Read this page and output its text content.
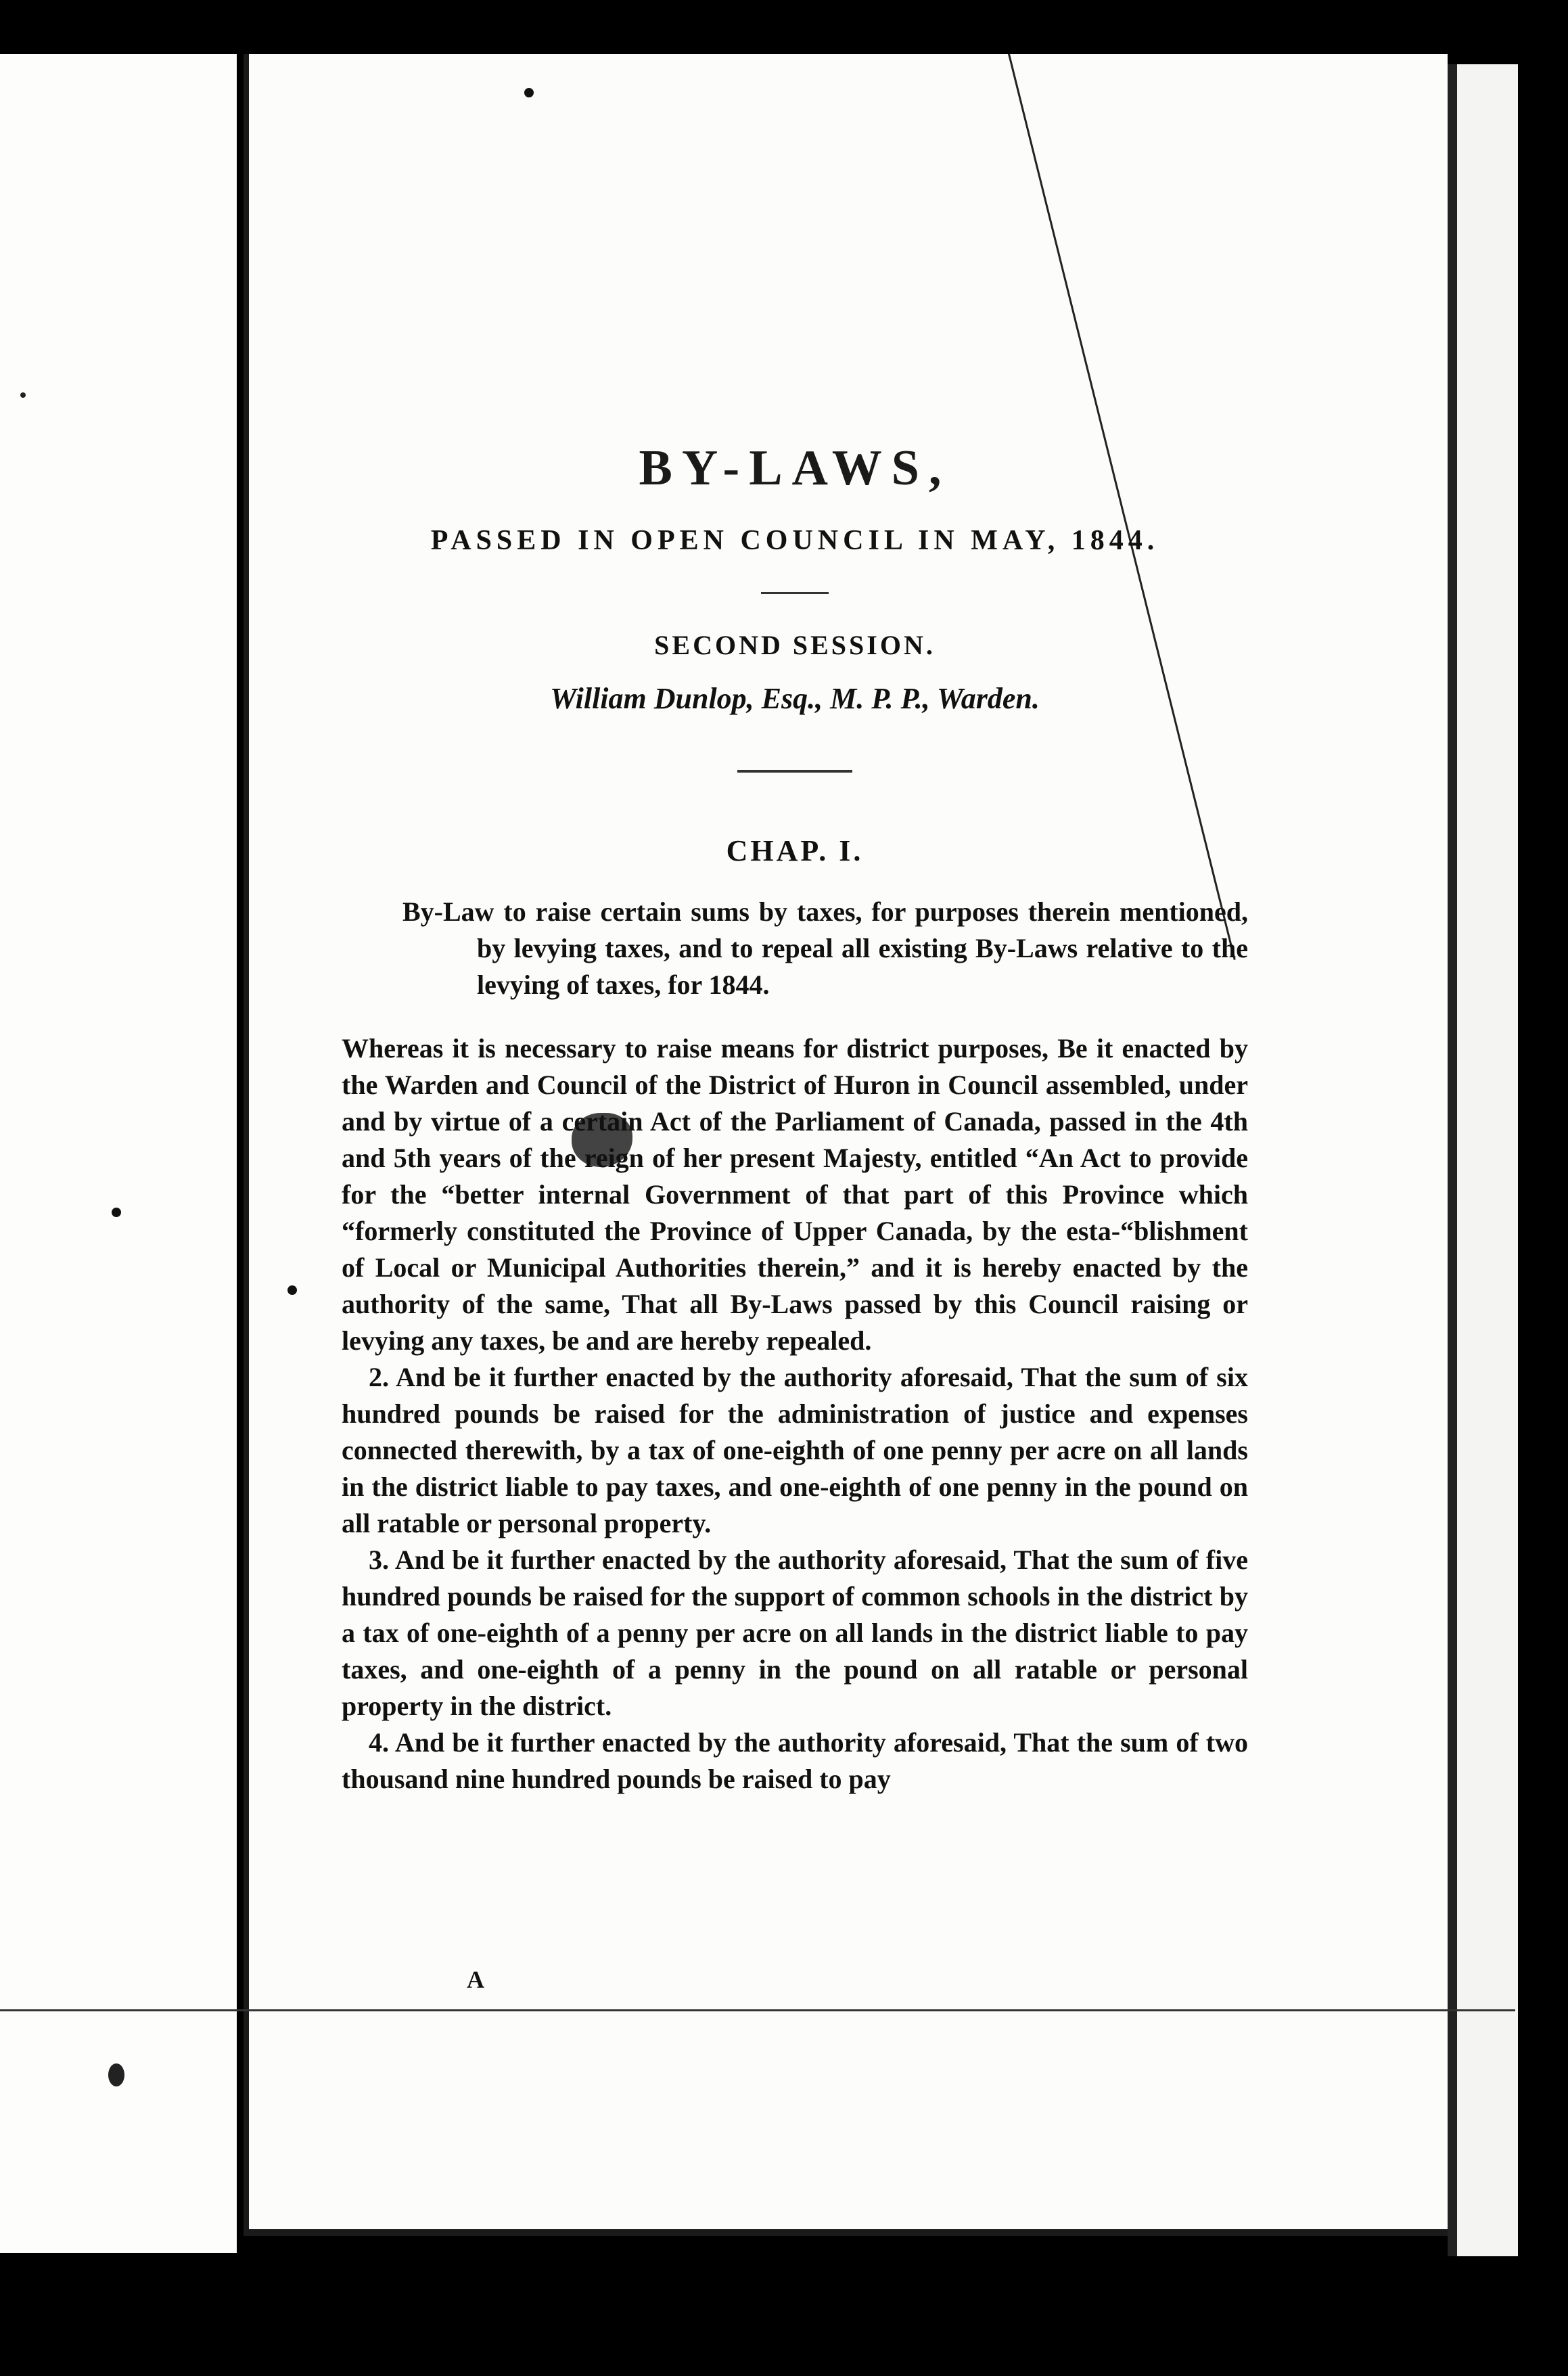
BY-LAWS,

PASSED IN OPEN COUNCIL IN MAY, 1844.

SECOND SESSION.

William Dunlop, Esq., M. P. P., Warden.

CHAP. I.

By-Law to raise certain sums by taxes, for purposes therein mentioned, by levying taxes, and to repeal all existing By-Laws relative to the levying of taxes, for 1844.

Whereas it is necessary to raise means for district purposes, Be it enacted by the Warden and Council of the District of Huron in Council assembled, under and by virtue of a certain Act of the Parliament of Canada, passed in the 4th and 5th years of the reign of her present Majesty, entitled “An Act to provide for the “better internal Government of that part of this Province which “formerly constituted the Province of Upper Canada, by the esta-“blishment of Local or Municipal Authorities therein,” and it is hereby enacted by the authority of the same, That all By-Laws passed by this Council raising or levying any taxes, be and are hereby repealed.

2. And be it further enacted by the authority aforesaid, That the sum of six hundred pounds be raised for the administration of justice and expenses connected therewith, by a tax of one-eighth of one penny per acre on all lands in the district liable to pay taxes, and one-eighth of one penny in the pound on all ratable or personal property.

3. And be it further enacted by the authority aforesaid, That the sum of five hundred pounds be raised for the support of common schools in the district by a tax of one-eighth of a penny per acre on all lands in the district liable to pay taxes, and one-eighth of a penny in the pound on all ratable or personal property in the district.

4. And be it further enacted by the authority aforesaid, That the sum of two thousand nine hundred pounds be raised to pay

A
